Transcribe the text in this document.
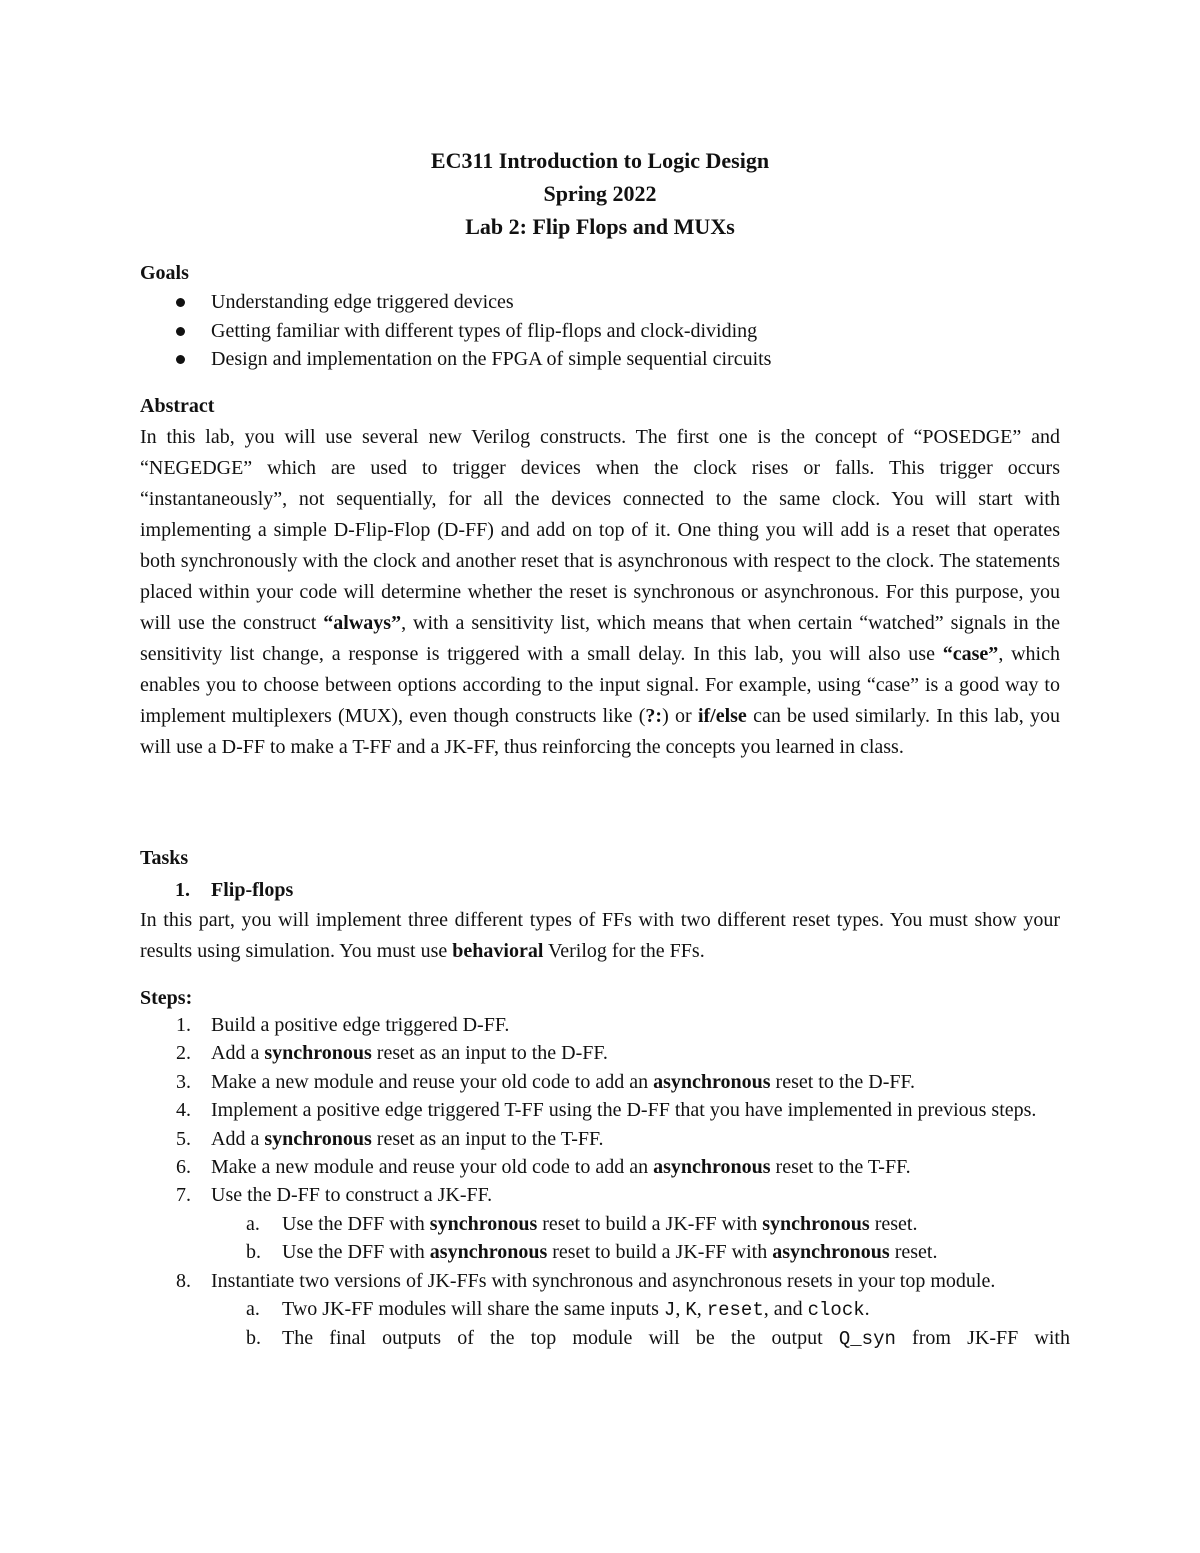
EC311 Introduction to Logic Design
Spring 2022
Lab 2: Flip Flops and MUXs
Goals
Understanding edge triggered devices
Getting familiar with different types of flip-flops and clock-dividing
Design and implementation on the FPGA of simple sequential circuits
Abstract
In this lab, you will use several new Verilog constructs. The first one is the concept of “POSEDGE” and “NEGEDGE” which are used to trigger devices when the clock rises or falls. This trigger occurs “instantaneously”, not sequentially, for all the devices connected to the same clock. You will start with implementing a simple D-Flip-Flop (D-FF) and add on top of it. One thing you will add is a reset that operates both synchronously with the clock and another reset that is asynchronous with respect to the clock. The statements placed within your code will determine whether the reset is synchronous or asynchronous. For this purpose, you will use the construct “always”, with a sensitivity list, which means that when certain “watched” signals in the sensitivity list change, a response is triggered with a small delay. In this lab, you will also use “case”, which enables you to choose between options according to the input signal. For example, using “case” is a good way to implement multiplexers (MUX), even though constructs like (?:) or if/else can be used similarly. In this lab, you will use a D-FF to make a T-FF and a JK-FF, thus reinforcing the concepts you learned in class.
Tasks
1. Flip-flops
In this part, you will implement three different types of FFs with two different reset types. You must show your results using simulation. You must use behavioral Verilog for the FFs.
Steps:
1. Build a positive edge triggered D-FF.
2. Add a synchronous reset as an input to the D-FF.
3. Make a new module and reuse your old code to add an asynchronous reset to the D-FF.
4. Implement a positive edge triggered T-FF using the D-FF that you have implemented in previous steps.
5. Add a synchronous reset as an input to the T-FF.
6. Make a new module and reuse your old code to add an asynchronous reset to the T-FF.
7. Use the D-FF to construct a JK-FF.
a. Use the DFF with synchronous reset to build a JK-FF with synchronous reset.
b. Use the DFF with asynchronous reset to build a JK-FF with asynchronous reset.
8. Instantiate two versions of JK-FFs with synchronous and asynchronous resets in your top module.
a. Two JK-FF modules will share the same inputs J, K, reset, and clock.
b. The final outputs of the top module will be the output Q_syn from JK-FF with
